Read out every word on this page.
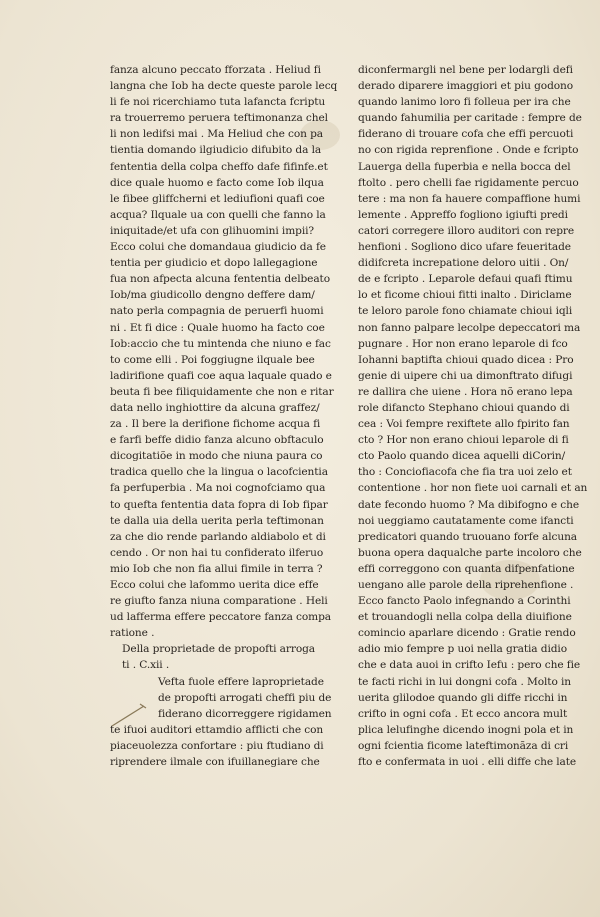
fanza alcuno peccato fforzata . Heliud fi
langna che Iob ha decte queste parole lecq
li fe noi ricerchiamo tuta lafancta fcriptu
ra trouerremo peruera teftimonanza chel
li non ledifsi mai . Ma Heliud che con pa
tientia domando ilgiudicio difubito da la
fententia della colpa cheffo dafe fifinfe.et
dice quale huomo e facto come Iob ilqua
le fibee gliffcherni et lediufioni quafi coe
acqua? Ilquale ua con quelli che fanno la
iniquitade/et ufa con glihuomini impii?
Ecco colui che domandaua giudicio da fe
tentia per giudicio et dopo lallegagione
fua non afpecta alcuna fententia delbeato
Iob/ma giudicollo dengno deffere dam/
nato perla compagnia de peruerfi huomi
ni . Et fi dice : Quale huomo ha facto coe
Iob:accio che tu mintenda che niuno e fac
to come elli . Poi foggiugne ilquale bee
ladirifione quafi coe aqua laquale quado e
beuta fi bee filiquidamente che non e ritar
data nello inghiottire da alcuna graffez/
za . Il bere la derifione fichome acqua fi
e farfi beffe didio fanza alcuno obftaculo
dicogitatiõe in modo che niuna paura co
tradica quello che la lingua o lacofcientia
fa perfuperbia . Ma noi cognofciamo qua
to quefta fententia data fopra di Iob fipar
te dalla uia della uerita perla teftimonan
za che dio rende parlando aldiabolo et di
cendo . Or non hai tu confiderato ilferuo
mio Iob che non fia allui fimile in terra ?
Ecco colui che lafommo uerita dice effe
re giufto fanza niuna comparatione . Heli
ud lafferma effere peccatore fanza compa
ratione .
Della proprietade de propofti arroga
ti . C.xii .
Vefta fuole effere laproprietade
de propofti arrogati cheffi piu de
fiderano dicorreggere rigidamen
te ifuoi auditori ettamdio afflicti che con
piaceuolezza confortare : piu ftudiano di
riprendere ilmale con ifuillanegiare che
diconfermargli nel bene per lodargli defi
derado diparere imaggiori et piu godono
quando lanimo loro fi folleua per ira che
quando fahumilia per caritade : fempre de
fiderano di trouare cofa che effi percuoti
no con rigida reprenfione . Onde e fcripto
Lauerga della fuperbia e nella bocca del
ftolto . pero chelli fae rigidamente percuo
tere : ma non fa hauere compaffione humi
lemente . Appreffo fogliono igiufti predi
catori corregere illoro auditori con repre
henfioni . Sogliono dico ufare feueritade
didifcreta increpatione deloro uitii . On/
de e fcripto . Leparole defaui quafi ftimu
lo et ficome chioui fitti inalto . Diriclame
te leloro parole fono chiamate chioui iqli
non fanno palpare lecolpe depeccatori ma
pugnare . Hor non erano leparole di fco
Iohanni baptifta chioui quado dicea : Pro
genie di uipere chi ua dimonftrato difugi
re dallira che uiene . Hora nõ erano lepa
role difancto Stephano chioui quando di
cea : Voi fempre rexiftete allo fpirito fan
cto ? Hor non erano chioui leparole di fi
cto Paolo quando dicea aquelli diCorin/
tho : Conciofiacofa che fia tra uoi zelo et
contentione . hor non fiete uoi carnali et an
date fecondo huomo ? Ma dibifogno e che
noi ueggiamo cautatamente come ifancti
predicatori quando truouano forfe alcuna
buona opera daqualche parte incoloro che
effi correggono con quanta difpenfatione
uengano alle parole della riprehenfione .
Ecco fancto Paolo infegnando a Corinthi
et trouandogli nella colpa della diuifione
comincio aparlare dicendo : Gratie rendo
adio mio fempre p uoi nella gratia didio
che e data auoi in crifto Iefu : pero che fie
te facti richi in lui dongni cofa . Molto in
uerita glilodoe quando gli diffe ricchi in
crifto in ogni cofa . Et ecco ancora mult
plica lelufinghe dicendo inogni pola et in
ogni fcientia ficome lateftimonãza di cri
fto e confermata in uoi . elli diffe che late
